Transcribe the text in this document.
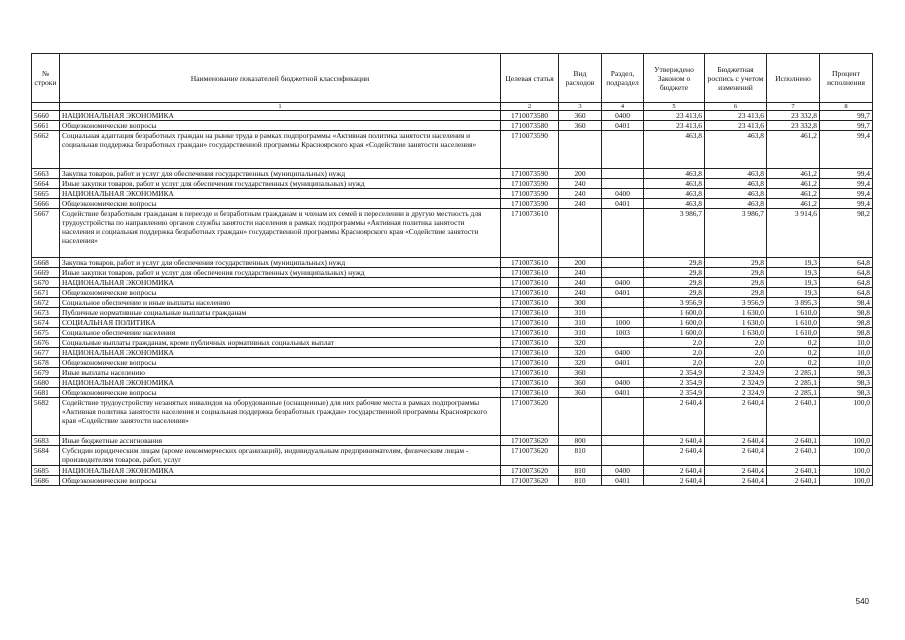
№ строки	Наименование показателей бюджетной классификации	Целевая статья	Вид расходов	Раздел, подраздел	Утверждено Законом о бюджете	Бюджетная роспись с учетом изменений	Исполнено	Процент исполнения
	1	2	3	4	5	6	7	8
5660	НАЦИОНАЛЬНАЯ ЭКОНОМИКА	1710073580	360	0400	23 413,6	23 413,6	23 332,8	99,7
5661	Общеэкономические вопросы	1710073580	360	0401	23 413,6	23 413,6	23 332,8	99,7
5662	Социальная адаптация безработных граждан на рынке труда в рамках подпрограммы «Активная политика занятости населения и социальная поддержка безработных граждан» государственной программы Красноярского края «Содействие занятости населения»	1710073590			463,8	463,8	461,2	99,4
5663	Закупка товаров, работ и услуг для обеспечения государственных (муниципальных) нужд	1710073590	200		463,8	463,8	461,2	99,4
5664	Иные закупки товаров, работ и услуг для обеспечения государственных (муниципальных) нужд	1710073590	240		463,8	463,8	461,2	99,4
5665	НАЦИОНАЛЬНАЯ ЭКОНОМИКА	1710073590	240	0400	463,8	463,8	461,2	99,4
5666	Общеэкономические вопросы	1710073590	240	0401	463,8	463,8	461,2	99,4
5667	Содействие безработным гражданам в переезде и безработным гражданам и членам их семей в переселении в другую местность для трудоустройства по направлению органов службы занятости населения в рамках подпрограммы «Активная политика занятости населения и социальная поддержка безработных граждан» государственной программы Красноярского края «Содействие занятости населения»	1710073610			3 986,7	3 986,7	3 914,6	98,2
5668	Закупка товаров, работ и услуг для обеспечения государственных (муниципальных) нужд	1710073610	200		29,8	29,8	19,3	64,8
5669	Иные закупки товаров, работ и услуг для обеспечения государственных (муниципальных) нужд	1710073610	240		29,8	29,8	19,3	64,8
5670	НАЦИОНАЛЬНАЯ ЭКОНОМИКА	1710073610	240	0400	29,8	29,8	19,3	64,8
5671	Общеэкономические вопросы	1710073610	240	0401	29,8	29,8	19,3	64,8
5672	Социальное обеспечение и иные выплаты населению	1710073610	300		3 956,9	3 956,9	3 895,3	98,4
5673	Публичные нормативные социальные выплаты гражданам	1710073610	310		1 600,0	1 630,0	1 610,0	98,8
5674	СОЦИАЛЬНАЯ ПОЛИТИКА	1710073610	310	1000	1 600,0	1 630,0	1 610,0	98,8
5675	Социальное обеспечение населения	1710073610	310	1003	1 600,0	1 630,0	1 610,0	98,8
5676	Социальные выплаты гражданам, кроме публичных нормативных социальных выплат	1710073610	320		2,0	2,0	0,2	10,0
5677	НАЦИОНАЛЬНАЯ ЭКОНОМИКА	1710073610	320	0400	2,0	2,0	0,2	10,0
5678	Общеэкономические вопросы	1710073610	320	0401	2,0	2,0	0,2	10,0
5679	Иные выплаты населению	1710073610	360		2 354,9	2 324,9	2 285,1	98,3
5680	НАЦИОНАЛЬНАЯ ЭКОНОМИКА	1710073610	360	0400	2 354,9	2 324,9	2 285,1	98,3
5681	Общеэкономические вопросы	1710073610	360	0401	2 354,9	2 324,9	2 285,1	98,3
5682	Содействие трудоустройству незанятых инвалидов на оборудованные (оснащенные) для них рабочие места в рамках подпрограммы «Активная политика занятости населения и социальная поддержка безработных граждан» государственной программы Красноярского края «Содействие занятости населения»	1710073620			2 640,4	2 640,4	2 640,1	100,0
5683	Иные бюджетные ассигнования	1710073620	800		2 640,4	2 640,4	2 640,1	100,0
5684	Субсидии юридическим лицам (кроме некоммерческих организаций), индивидуальным предпринимателям, физическим лицам - производителям товаров, работ, услуг	1710073620	810		2 640,4	2 640,4	2 640,1	100,0
5685	НАЦИОНАЛЬНАЯ ЭКОНОМИКА	1710073620	810	0400	2 640,4	2 640,4	2 640,1	100,0
5686	Общеэкономические вопросы	1710073620	810	0401	2 640,4	2 640,4	2 640,1	100,0
540
